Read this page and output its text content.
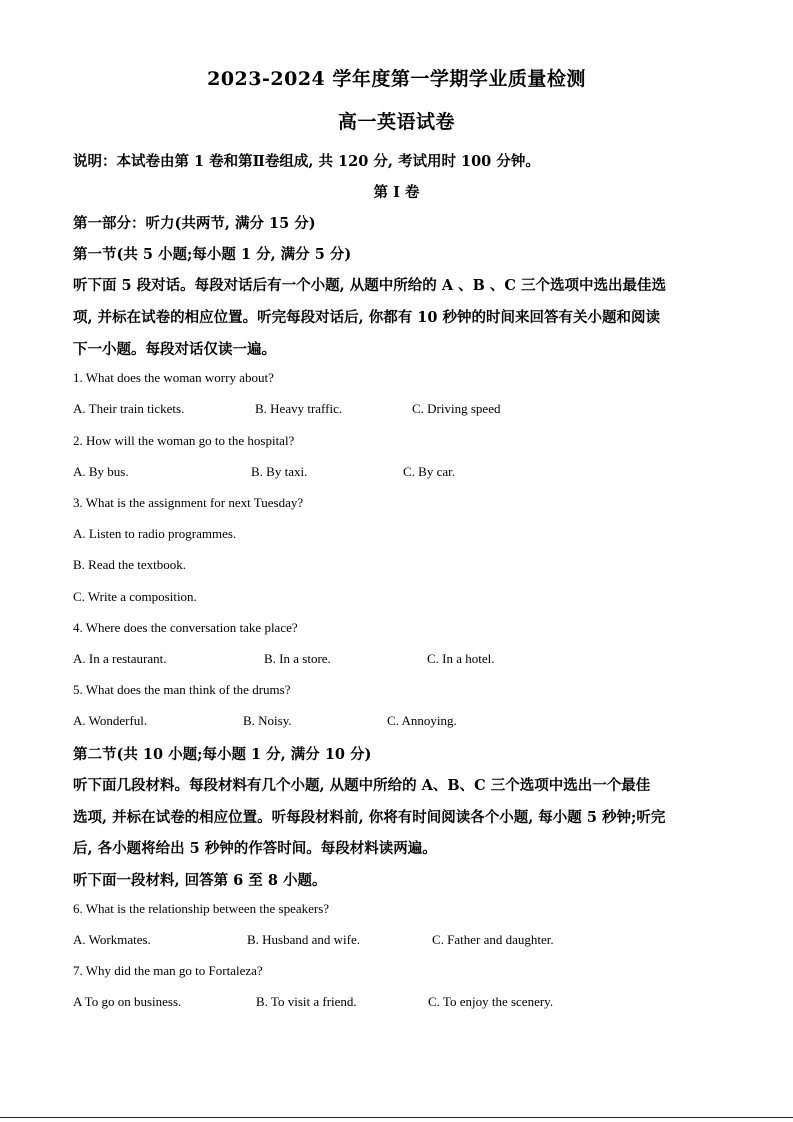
2023-2024 学年度第一学期学业质量检测
高一英语试卷
说明：本试卷由第 1 卷和第Ⅱ卷组成, 共 120 分, 考试用时 100 分钟。
第 I 卷
第一部分：听力(共两节, 满分 15 分)
第一节(共 5 小题;每小题 1 分, 满分 5 分)
听下面 5 段对话。每段对话后有一个小题, 从题中所给的 A 、B 、C 三个选项中选出最佳选
项, 并标在试卷的相应位置。听完每段对话后, 你都有 10 秒钟的时间来回答有关小题和阅读
下一小题。每段对话仅读一遍。
1. What does the woman worry about?
A. Their train tickets.	B. Heavy traffic.	C. Driving speed
2. How will the woman go to the hospital?
A. By bus.	B. By taxi.	C. By car.
3. What is the assignment for next Tuesday?
A. Listen to radio programmes.
B. Read the textbook.
C. Write a composition.
4. Where does the conversation take place?
A. In a restaurant.	B. In a store.	C. In a hotel.
5. What does the man think of the drums?
A. Wonderful.	B. Noisy.	C. Annoying.
第二节(共 10 小题;每小题 1 分, 满分 10 分)
听下面几段材料。每段材料有几个小题, 从题中所给的 A、B、C 三个选项中选出一个最佳
选项, 并标在试卷的相应位置。听每段材料前, 你将有时间阅读各个小题, 每小题 5 秒钟;听完
后, 各小题将给出 5 秒钟的作答时间。每段材料读两遍。
听下面一段材料, 回答第 6 至 8 小题。
6. What is the relationship between the speakers?
A. Workmates.	B. Husband and wife.	C. Father and daughter.
7. Why did the man go to Fortaleza?
A To go on business.	B. To visit a friend.	C. To enjoy the scenery.
